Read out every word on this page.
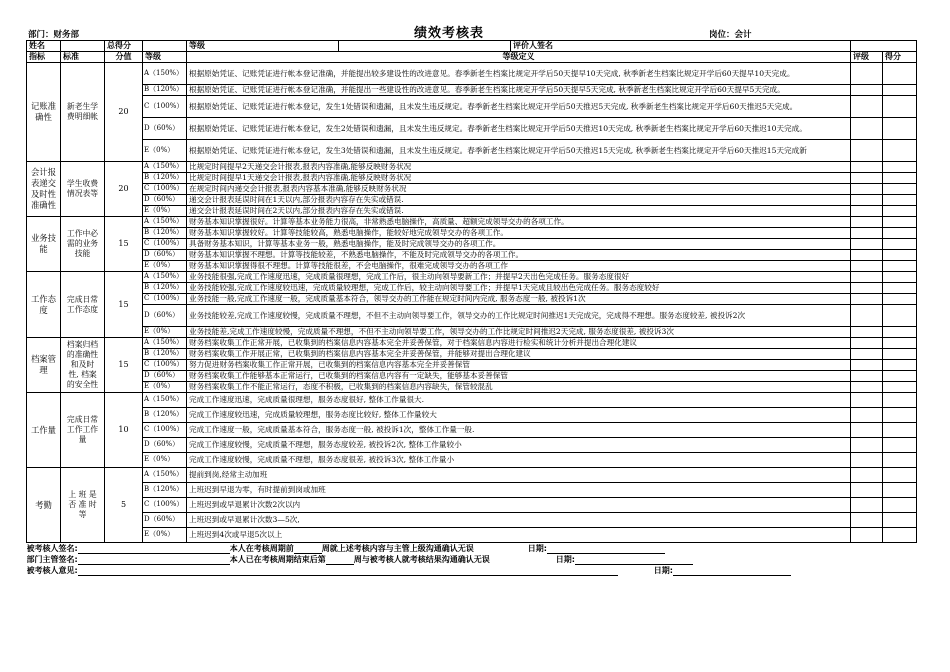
部门：财务部	绩效考核表	岗位：会计
姓名		总得分		等级		评价人签名		
指标	标准	分值	等级	等级定义			评级	得分
记账准确性	新老生学费明细帐	20	A（150%）	根据原始凭证、记账凭证进行帐本登记准确，并能提出较多建设性的改进意见。春季新老生档案比规定开学后50天提早10天完成, 秋季新老生档案比规定开学后60天提早10天完成。				
			B（120%）	根据原始凭证、记账凭证进行帐本登记准确，并能提出一些建设性的改进意见。春季新老生档案比规定开学后50天提早5天完成, 秋季新老生档案比规定开学后60天提早5天完成。				
			C（100%）	根据原始凭证、记账凭证进行帐本登记，发生1处错误和遗漏，且未发生违反规定。春季新老生档案比规定开学后50天推迟5天完成, 秋季新老生档案比规定开学后60天推迟5天完成。				
			D（60%）	根据原始凭证、记账凭证进行帐本登记，发生2处错误和遗漏，且未发生违反规定。春季新老生档案比规定开学后50天推迟10天完成, 秋季新老生档案比规定开学后60天推迟10天完成。				
			E（0%）	根据原始凭证、记账凭证进行帐本登记，发生3处错误和遗漏，且未发生违反规定。春季新老生档案比规定开学后50天推迟15天完成, 秋季新老生档案比规定开学后60天推迟15天完成新				
会计报表递交及时性准确性	学生收费情况表等	20	A（150%）	比规定时间提早2天递交会计报表,报表内容准确,能够反映财务状况				
			B（120%）	比规定时间提早1天递交会计报表,报表内容准确,能够反映财务状况				
			C（100%）	在规定时间内递交会计报表,报表内容基本准确,能够反映财务状况				
			D（60%）	递交会计报表延误时间在1天以内,部分报表内容存在失实或错误.				
			E（0%）	递交会计报表延误时间在2天以内,部分报表内容存在失实或错误.				
业务技能	工作中必需的业务技能	15	A（150%）	财务基本知识掌握很好。计算等基本业务能力很高，非常熟悉电脑操作，高质量、超额完成领导交办的各项工作。				
			B（120%）	财务基本知识掌握较好。计算等技能较高，熟悉电脑操作，能较好地完成领导交办的各项工作。				
			C（100%）	具备财务基本知识，计算等基本业务一般，熟悉电脑操作，能及时完成领导交办的各项工作。				
			D（60%）	财务基本知识掌握不理想。计算等技能较差，不熟悉电脑操作，不能及时完成领导交办的各项工作。				
			E（0%）	财务基本知识掌握得很不理想。计算等技能很差，不会电脑操作，很难完成领导交办的各项工作				
工作态度	完成日常工作态度	15	A（150%）	业务技能很强,完成工作速度迅速，完成质量很理想，完成工作后，很主动向领导要新工作；并提早2天出色完成任务。服务态度很好				
			B（120%）	业务技能较强,完成工作速度较迅速，完成质量较理想，完成工作后，较主动向领导要工作；并提早1天完成且较出色完成任务。服务态度较好				
			C（100%）	业务技能一般,完成工作速度一般，完成质量基本符合，领导交办的工作能在规定时间内完成, 服务态度一般, 被投诉1次				
			D（60%）	业务技能较差,完成工作速度较慢，完成质量不理想，不但不主动向领导要工作，领导交办的工作比规定时间推迟1天完成完，完成得不理想。服务态度较差, 被投诉2次				
			E（0%）	业务技能差,完成工作速度较慢，完成质量不理想，不但不主动向领导要工作，领导交办的工作比规定时间推迟2天完成, 服务态度很差, 被投诉3次				
档案管理	档案归档的准确性和及时性, 档案的安全性	15	A（150%）	财务档案收集工作正常开展，已收集到的档案信息内容基本完全并妥善保管，对于档案信息内容进行检实和统计分析并提出合理化建议				
			B（120%）	财务档案收集工作开展正常，已收集到的档案信息内容基本完全并妥善保管，并能够对提出合理化建议				
			C（100%）	努力促进财务档案收集工作正常开展，已收集到的档案信息内容基本完全并妥善保管				
			D（60%）	财务档案收集工作能够基本正常运行，已收集到的档案信息内容有一定缺失，能够基本妥善保管				
			E（0%）	财务档案收集工作不能正常运行，态度不积极，已收集到的档案信息内容缺失，保管较混乱				
工作量	完成日常工作工作量	10	A（150%）	完成工作速度迅速，完成质量很理想，服务态度很好, 整体工作量很大.				
			B（120%）	完成工作速度较迅速，完成质量较理想，服务态度比较好, 整体工作量较大				
			C（100%）	完成工作速度一般，完成质量基本符合，服务态度一般, 被投诉1次，整体工作量一般.				
			D（60%）	完成工作速度较慢，完成质量不理想，服务态度较差, 被投诉2次, 整体工作量较小				
			E（0%）	完成工作速度较慢，完成质量不理想，服务态度很差, 被投诉3次, 整体工作量小				
考勤	上 班 是否 准 时等	5	A（150%）	提前到岗,经常主动加班				
			B（120%）	上班迟到早退为零，有时提前到岗或加班				
			C（100%）	上班迟到或早退累计次数2次以内				
			D（60%）	上班迟到或早退累计次数3—5次,				
			E（0%）	上班迟到4次或早退5次以上				
被考核人签名: 本人在考核周期前 周就上述考核内容与主管上级沟通确认无误 日期:								
部门主管签名: 本人已在考核周期结束后第 周与被考核人就考核结果沟通确认无误 日期:								
被考核人意见: 日期:								
